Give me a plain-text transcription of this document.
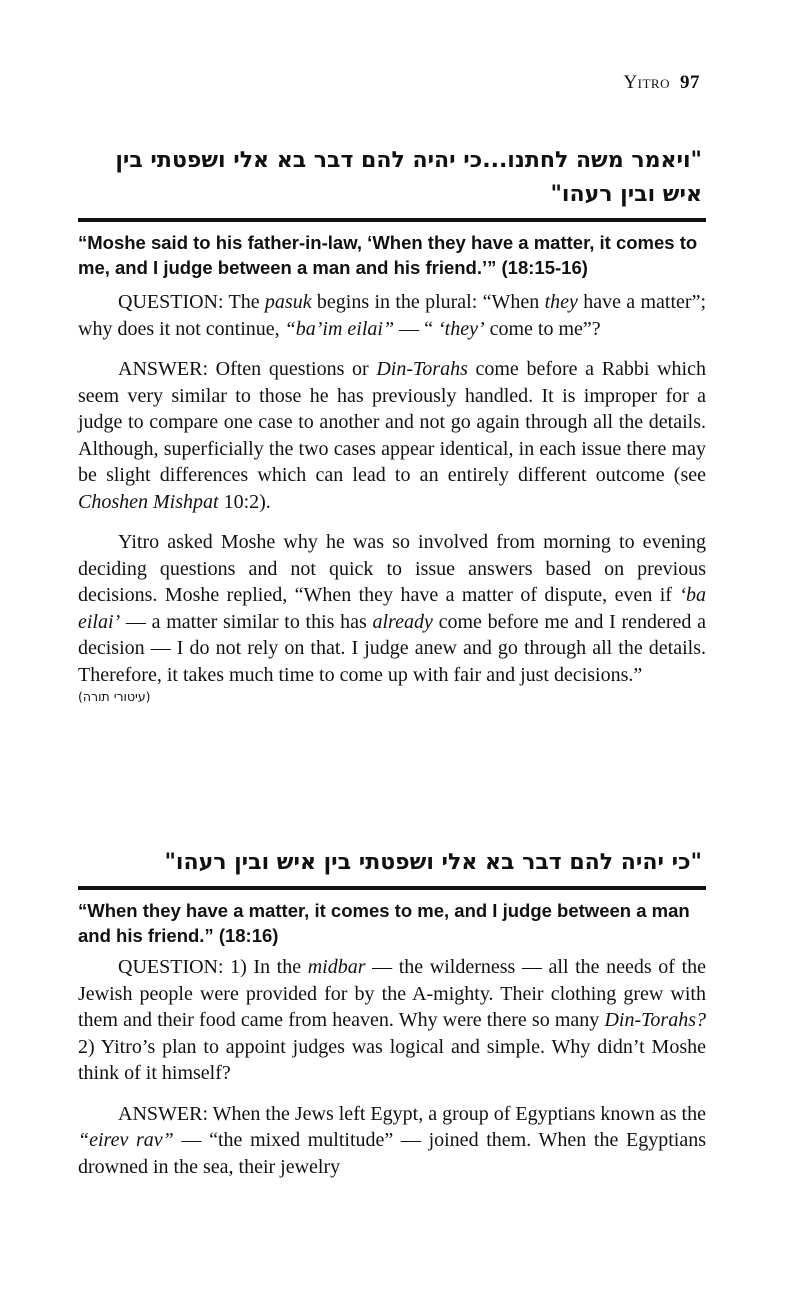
Yitro 97
"ויאמר משה לחתנו...כי יהיה להם דבר בא אלי ושפטתי בין איש ובין רעהו"
“Moshe said to his father-in-law, ‘When they have a matter, it comes to me, and I judge between a man and his friend.’” (18:15-16)

QUESTION: The pasuk begins in the plural: “When they have a matter”; why does it not continue, “ba’im eilai” — “ ‘they’ come to me”?

ANSWER: Often questions or Din-Torahs come before a Rabbi which seem very similar to those he has previously handled. It is improper for a judge to compare one case to another and not go again through all the details. Although, superficially the two cases appear identical, in each issue there may be slight differences which can lead to an entirely different outcome (see Choshen Mishpat 10:2).

Yitro asked Moshe why he was so involved from morning to evening deciding questions and not quick to issue answers based on previous decisions. Moshe replied, “When they have a matter of dispute, even if ‘ba eilai’ — a matter similar to this has already come before me and I rendered a decision — I do not rely on that. I judge anew and go through all the details. Therefore, it takes much time to come up with fair and just decisions.”

(עיטורי תורה)
"כי יהיה להם דבר בא אלי ושפטתי בין איש ובין רעהו"
“When they have a matter, it comes to me, and I judge between a man and his friend.” (18:16)

QUESTION: 1) In the midbar — the wilderness — all the needs of the Jewish people were provided for by the A-mighty. Their clothing grew with them and their food came from heaven. Why were there so many Din-Torahs? 2) Yitro’s plan to appoint judges was logical and simple. Why didn’t Moshe think of it himself?

ANSWER: When the Jews left Egypt, a group of Egyptians known as the “eirev rav” — “the mixed multitude” — joined them. When the Egyptians drowned in the sea, their jewelry
